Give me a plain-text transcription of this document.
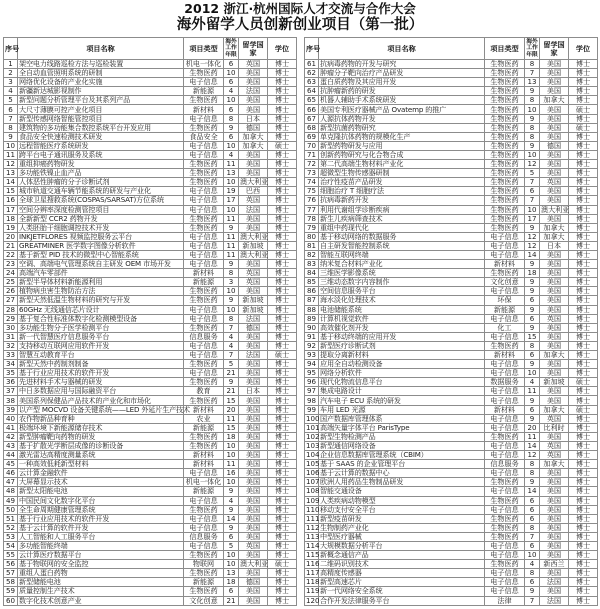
2012 浙江·杭州国际人才交流与合作大会
海外留学人员创新创业项目（第一批）
序号	项目名称	项目类型	海外工作年限	留学国家	学位
1	架空电力线路巡检方法与巡检装置	机电一体化	6	英国	博士
2	全自动血管照明系统的研制	生物医药	10	美国	博士
3	网络优化设备的产业化实施	电子信息	6	美国	博士
4	新疆新达城影视制作	新能源	4	法国	博士
5	新型问题分析管理平台及其系列产品	生物医药	10	美国	博士
6	大尺寸薄膜可控产业化项目	新材料	6	美国	博士
7	新型传感网络智能管控项目	电子信息	8	日本	博士
8	建筑物的多功能集合数控系统平台开发应用	生物医药	9	德国	博士
9	食品安全快速检测技术研发	食品安全	6	加拿大	博士
10	远程智能医疗系统研发	电子信息	10	加拿大	硕士
11	跨平台电子通讯服务及系统	电子信息	4	美国	博士
12	重组抑癌药物研发	生物医药	11	美国	博士
13	多功能铁镍止血产品	生物医药	13	美国	博士
14	人体恶性肿瘤的分子诊断试剂	生物医药	10	澳大利亚	博士
15	城市轨道交通车辆节能系统的研发与产业化	电子信息	19	巴西	博士
16	全球卫星搜救系统(COSPAS/SARSAT)方位系统	电子信息	17	英国	博士
17	空间分辨率深度检测管控项目	电子信息	10	法国	博士
18	全新新型 CCR2 药物开发	生物医药	11	美国	博士
19	人类胚胎干细胞调控技术开发	生物医药	9	美国	博士
20	INKJETFLORES 视频监控服务云平台	电子信息	11	澳大利亚	博士
21	GREATMINER 医学数字图像分析软件	电子信息	11	新加坡	博士
22	基于新型 PID 技术的微型中心智能系统	电子信息	11	澳大利亚	博士
23	空调、高端电气管理系统自主研发 OEM 市场开发	电子信息	9	美国	博士
24	高端汽车零部件	新材料	8	英国	博士
25	新型半导体材料新能源利用	新能源	3	英国	博士
26	植物病虫害生物防治方法	生物医药	10	美国	博士
27	新型天然低温生物材料的研究与开发	生物医药	9	新加坡	博士
28	60GHz 无线通信芯片设计	电子信息	10	新加坡	博士
29	基于复合性标准体数字化检测模型设备	电子信息	8	法国	博士
30	多功能生物分子医学检测平台	生物医药	7	德国	博士
31	新一代智慧医疗信息服务平台	信息服务	4	美国	博士
32	支持移动互联网应用软件开发	电子信息	4	美国	博士
33	智慧互动教育平台	电子信息	7	法国	硕士
34	新型天然中药制剂制备	生物医药	5	美国	博士
35	基于行业应用技术的软件开发	电子信息	21	美国	博士
36	先进材料手术与器械的研发	生物医药	9	美国	博士
37	中日多数据应用与国际融资平台	教育	21	日本	博士
38	美国系列保健品产品技术的产业化和市场化	生物医药	15	美国	博士
39	以产型 MOCVD 设备关键系统——LED 外延片生产技术	新材料	20	美国	博士
40	农作物新品种育种	农业	11	美国	博士
41	极端环境下新能源储存技术	新能源	15	美国	博士
42	新型肿瘤靶向药物的研发	生物医药	18	美国	博士
43	基于扩散光学断层成像的诊断设备	生物医药	10	美国	博士
44	激光雷达高精度测量系统	新材料	10	美国	博士
45	一种高效低耗新型材料	新材料	11	美国	博士
46	云计算金融软件	电子信息	16	美国	博士
47	大屏幕显示技术	机电一体化	10	美国	博士
48	新型太阳能电池	新能源	9	美国	博士
49	中国民间文化数字化平台	电子信息	4	美国	博士
50	全生命周期健康管理系统	生物医药	9	美国	博士
51	基于行业应用技术的软件开发	电子信息	14	美国	博士
52	基于云计算的软件开发	电子信息	9	美国	博士
53	人工智能和人工服务平台	信息服务	6	美国	博士
54	多功能智能终端	电子信息	5	英国	博士
55	云计算医疗数据平台	生物医药	10	美国	博士
56	基于物联网的安全监控	物联网	10	澳大利亚	硕士
57	重组人蛋白药物	生物医药	13	美国	博士
58	新型储能电池	新能源	18	德国	博士
59	质量控制生产技术	生物医药	6	美国	博士
60	数字化技术创意产业	文化创意	21	美国	博士
序号	项目名称	项目类型	海外工作年限	留学国家	学位
61	抗病毒药物的开发与研究	生物医药	8	美国	博士
62	肿瘤分子靶向治疗产品研发	生物医药	7	美国	博士
63	蛋白质药物及其应用开发	生物医药	13	美国	博士
64	抗肿瘤新药的研发	生物医药	9	美国	博士
65	机器人辅助手术系统研发	生物医药	8	加拿大	博士
66	美国专利医疗器械产品 Ovatemp 的推广	生物医药	10	美国	硕士
67	人源抗体药物开发	生物医药	9	美国	博士
68	新型抗菌药物研究	生物医药	8	美国	硕士
69	单克隆抗体药物的规模化生产	生物医药	8	美国	博士
70	新型药物研发与应用	生物医药	9	德国	博士
71	创新药物研究与化合物合成	生物医药	10	美国	博士
72	第二代高端生物材料产业化	生物医药	12	美国	博士
73	超微型生物传感器研制	生物医药	5	美国	博士
74	治疗性疫苗产品研发	生物医药	7	英国	博士
75	细胞治疗 T 细胞疗法	生物医药	6	美国	博士
76	抗病毒新药开发	生物医药	7	美国	博士
77	利用代谢组学诊断疾病	生物医药	10	澳大利亚	博士
78	新生儿疾病筛查技术	生物医药	17	美国	博士
79	重组中药现代化	生物医药	9	加拿大	博士
80	基于移动网络的数据服务	电子信息	12	加拿大	博士
81	自主研发智能控制系统	电子信息	12	日本	博士
82	智能互联网终端	电子信息	14	美国	博士
83	纳米复合材料产业化	新材料	9	美国	博士
84	三维医学影像系统	生物医药	18	美国	博士
85	三维动态数字内容制作	文化创意	9	美国	博士
86	空间信息服务平台	电子信息	9	美国	博士
87	海水淡化处理技术	环保	6	美国	博士
88	电池储能系统	新能源	9	美国	博士
89	计算机视觉软件	电子信息	6	英国	博士
90	高效催化剂开发	化工	9	美国	博士
91	基于移动终端的应用开发	电子信息	15	美国	博士
92	新型医疗诊断试剂	生物医药	8	美国	博士
93	提取分离新材料	新材料	6	加拿大	博士
94	应用全自动检测设备	电子信息	9	美国	博士
95	网络分析软件	电子信息	10	美国	博士
96	现代化物流信息平台	数据服务	4	新加坡	硕士
97	集成电路设计	电子信息	11	美国	博士
98	汽车电子 ECU 系统的研发	电子信息	9	美国	博士
99	车用 LED 光源	新材料	6	加拿大	硕士
100	国产数据库管理体系	电子信息	9	英国	博士
101	高端矢量字体平台 ParisType	电子信息	20	比利时	博士
102	新型生物检测产品	生物医药	11	美国	博士
103	新型通信网络设备	电子信息	14	英国	博士
104	企业信息数据库管理系统（CBIM）	电子信息	12	英国	博士
105	基于 SAAS 的企业管理平台	信息服务	8	加拿大	博士
106	基于云计算的数据中心	电子信息	8	美国	博士
107	欧洲人用药品生物制品研发	生物医药	9	美国	博士
108	智能交通设备	电子信息	14	美国	博士
109	人类疾病动物模型	生物医药	6	美国	博士
110	移动支付安全平台	电子信息	6	美国	博士
111	新型疫苗研发	生物医药	6	美国	博士
112	生物制药产业化	生物医药	8	美国	博士
113	中型医疗器械	生物医药	7	美国	博士
114	大规模数据分析平台	电子信息	6	美国	博士
115	新概念通信产品	电子信息	10	美国	博士
116	二维码识别技术	生物医药	4	新西兰	博士
117	高精度传感器	电子信息	8	美国	博士
118	新型高速芯片	电子信息	6	法国	博士
119	新一代网络安全系统	电子信息	9	美国	博士
120	合作开发法律服务平台	法律	7	法国	博士
